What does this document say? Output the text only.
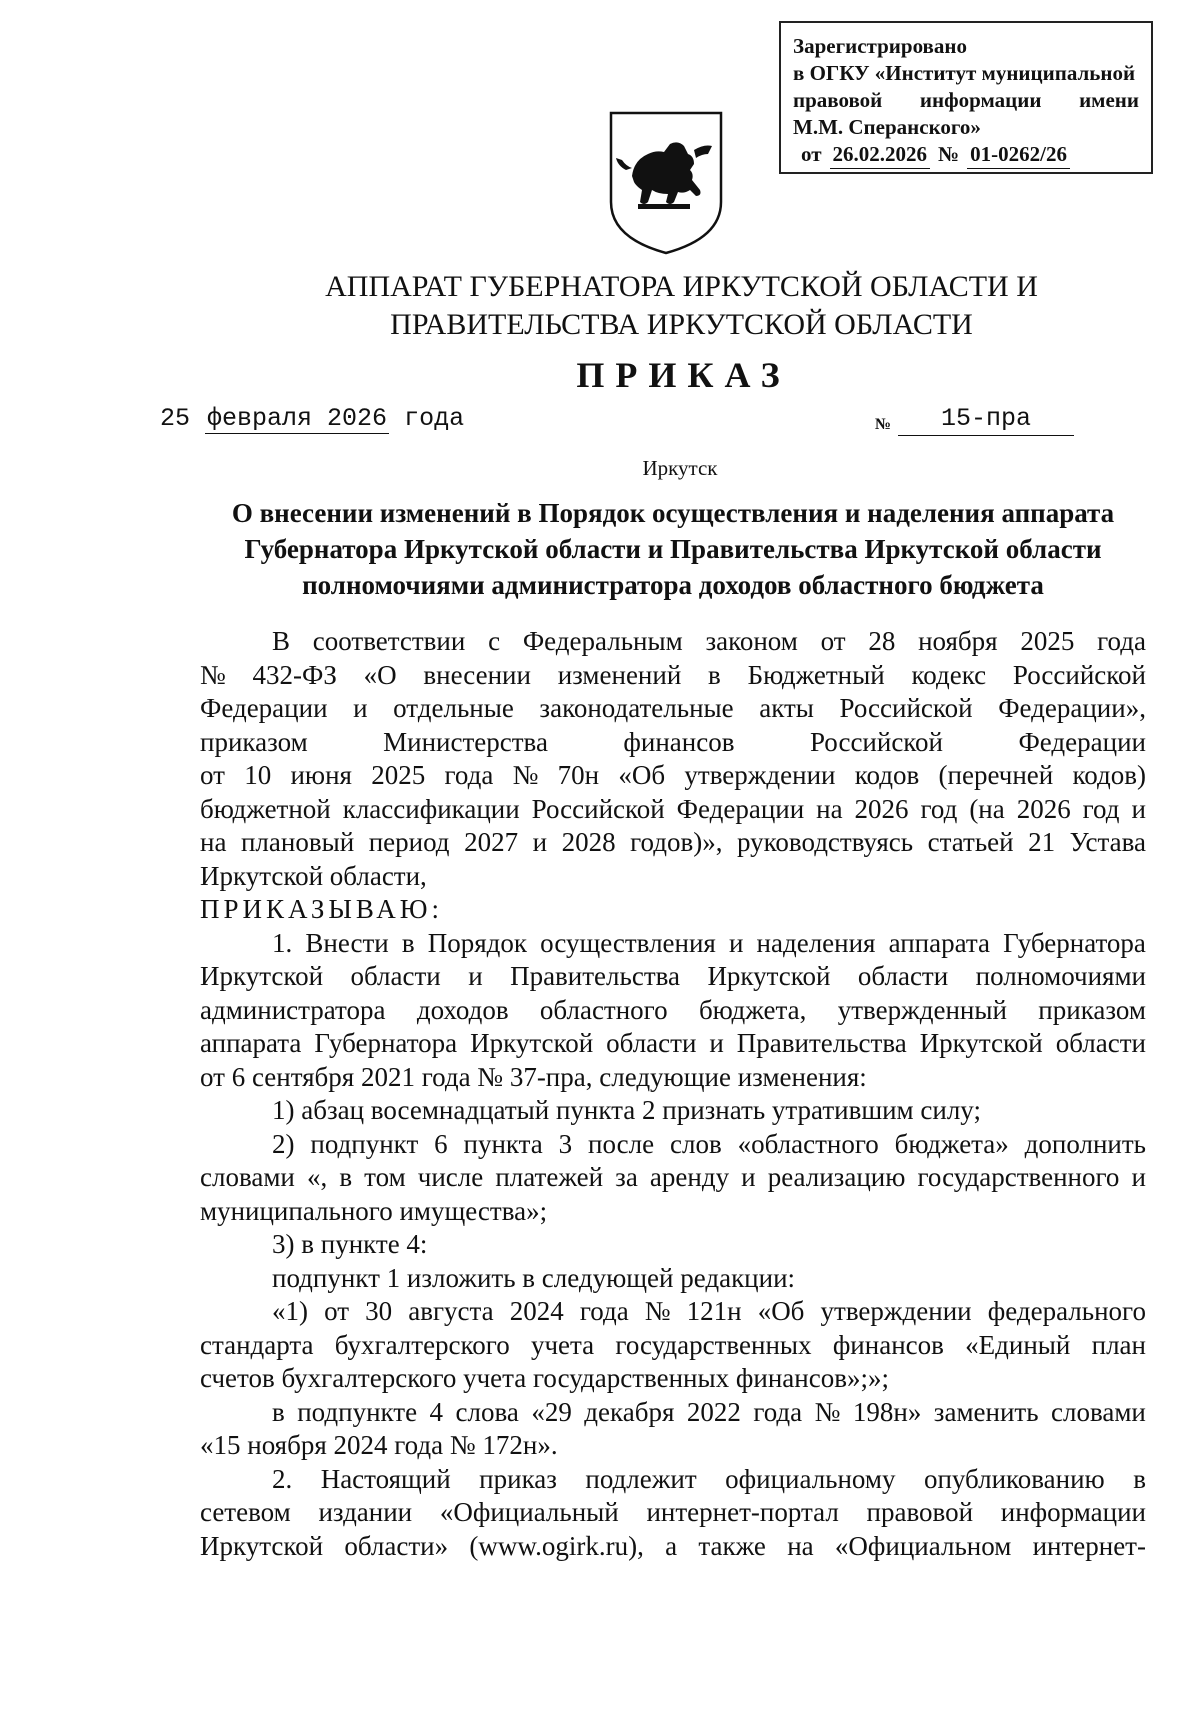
Зарегистрировано
в ОГКУ «Институт муниципальной
правовой информации имени
М.М. Сперанского»
от 26.02.2026 № 01-0262/26
АППАРАТ ГУБЕРНАТОРА ИРКУТСКОЙ ОБЛАСТИ И
ПРАВИТЕЛЬСТВА ИРКУТСКОЙ ОБЛАСТИ
ПРИКАЗ
25 февраля 2026 года	№	15-пра
Иркутск
О внесении изменений в Порядок осуществления и наделения аппарата
Губернатора Иркутской области и Правительства Иркутской области
полномочиями администратора доходов областного бюджета
В соответствии с Федеральным законом от 28 ноября 2025 года
№ 432-ФЗ «О внесении изменений в Бюджетный кодекс Российской
Федерации и отдельные законодательные акты Российской Федерации»,
приказом	Министерства	финансов	Российской	Федерации
от 10 июня 2025 года № 70н «Об утверждении кодов (перечней кодов)
бюджетной классификации Российской Федерации на 2026 год (на 2026 год и
на плановый период 2027 и 2028 годов)», руководствуясь статьей 21 Устава
Иркутской области,
ПРИКАЗЫВАЮ:
1. Внести в Порядок осуществления и наделения аппарата Губернатора
Иркутской области и Правительства Иркутской области полномочиями
администратора доходов областного бюджета, утвержденный приказом
аппарата Губернатора Иркутской области и Правительства Иркутской области
от 6 сентября 2021 года № 37-пра, следующие изменения:
1) абзац восемнадцатый пункта 2 признать утратившим силу;
2) подпункт 6 пункта 3 после слов «областного бюджета» дополнить
словами «, в том числе платежей за аренду и реализацию государственного и
муниципального имущества»;
3) в пункте 4:
подпункт 1 изложить в следующей редакции:
«1) от 30 августа 2024 года № 121н «Об утверждении федерального
стандарта бухгалтерского учета государственных финансов «Единый план
счетов бухгалтерского учета государственных финансов»;»;
в подпункте 4 слова «29 декабря 2022 года № 198н» заменить словами
«15 ноября 2024 года № 172н».
2. Настоящий приказ подлежит официальному опубликованию в
сетевом издании «Официальный интернет-портал правовой информации
Иркутской области» (www.ogirk.ru), а также на «Официальном интернет-
